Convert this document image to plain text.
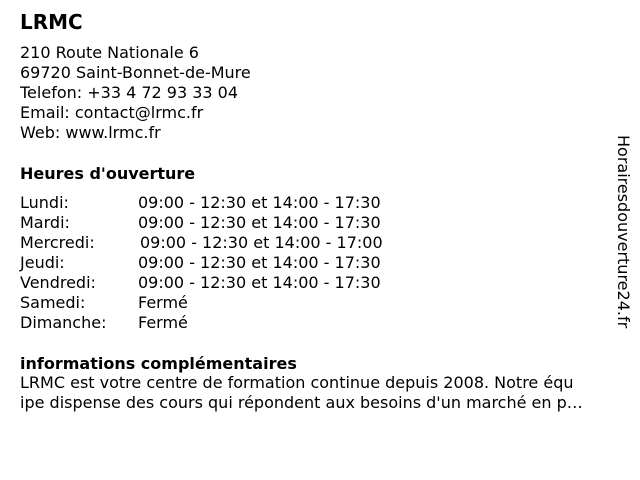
LRMC
210 Route Nationale 6
69720 Saint-Bonnet-de-Mure
Telefon: +33 4 72 93 33 04
Email: contact@lrmc.fr
Web: www.lrmc.fr
Heures d'ouverture
Lundi:	09:00 - 12:30 et 14:00 - 17:30
Mardi:	09:00 - 12:30 et 14:00 - 17:30
Mercredi:	09:00 - 12:30 et 14:00 - 17:00
Jeudi:	09:00 - 12:30 et 14:00 - 17:30
Vendredi:	09:00 - 12:30 et 14:00 - 17:30
Samedi:	Fermé
Dimanche: Fermé
informations complémentaires
LRMC est votre centre de formation continue depuis 2008. Notre équ
ipe dispense des cours qui répondent aux besoins d'un marché en p…
Horairesdouverture24.fr
